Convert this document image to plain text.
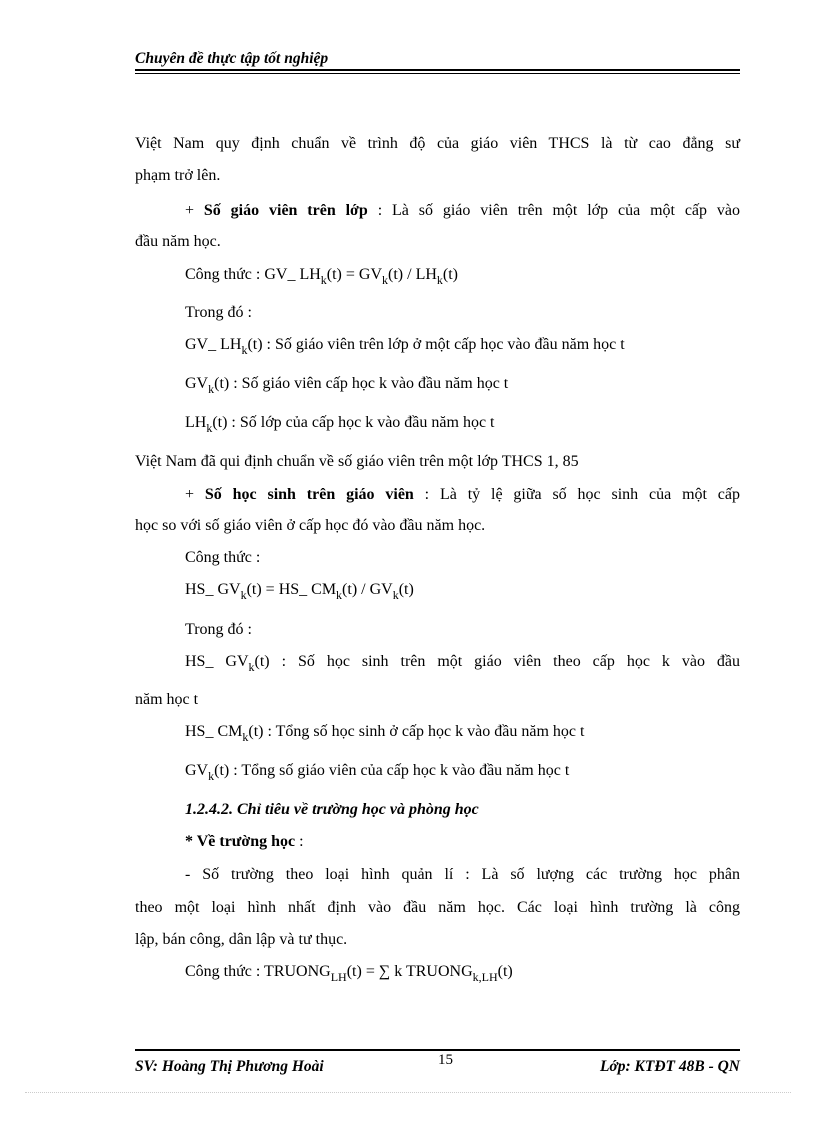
Chuyên đề thực tập tốt nghiệp
Việt Nam quy định chuẩn về trình độ của giáo viên THCS là từ cao đẳng sư
phạm trở lên.
+ Số giáo viên trên lớp : Là số giáo viên trên một lớp của một cấp vào
đầu năm học.
Công thức : GV_ $LH_k(t) = GV_k(t) / LH_k(t)$
Trong đó :
GV_ $LH_k(t)$ : Số giáo viên trên lớp ở một cấp học vào đầu năm học t
$GV_k(t)$ : Số giáo viên cấp học k vào đầu năm học t
$LH_k(t)$ : Số lớp của cấp học k vào đầu năm học t
Việt Nam đã qui định chuẩn về số giáo viên trên một lớp THCS 1, 85
+ Số học sinh trên giáo viên : Là tỷ lệ giữa số học sinh của một cấp
học so với số giáo viên ở cấp học đó vào đầu năm học.
Công thức :
HS_ $GV_k(t)$ = HS_ $CM_k(t) / GV_k(t)$
Trong đó :
HS_ $GV_k(t)$ : Số học sinh trên một giáo viên theo cấp học k vào đầu
năm học t
HS_ $CM_k(t)$ : Tổng số học sinh ở cấp học k vào đầu năm học t
$GV_k(t)$ : Tổng số giáo viên của cấp học k vào đầu năm học t
1.2.4.2. Chỉ tiêu về trường học và phòng học
* Về trường học :
- Số trường theo loại hình quản lí : Là số lượng các trường học phân
theo một loại hình nhất định vào đầu năm học. Các loại hình trường là công
lập, bán công, dân lập và tư thục.
Công thức : $TRUONG_{LH}(t)$ = ∑ k $TRUONG_{k,LH}(t)$
SV: Hoàng Thị Phương Hoài	15	Lớp: KTĐT 48B - QN
